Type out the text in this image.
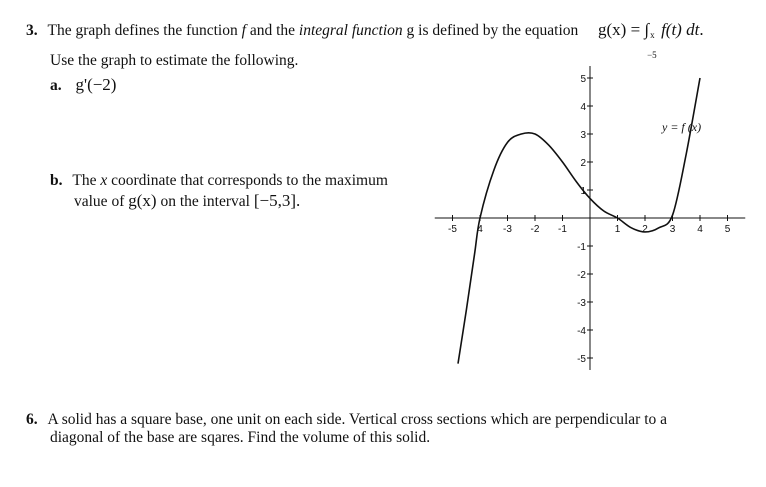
3. The graph defines the function f and the integral function g is defined by the equation g(x) = ∫ x
−5
f(t) dt.
Use the graph to estimate the following.
a. g'(−2)
b. The x coordinate that corresponds to the maximum
value of g(x) on the interval [−5,3].
-5 4 -3 -2 -1	1 2 3 4 5
-5
-4
-3
-2
-1
1
2
3
4
5
y = f (x)
6. A solid has a square base, one unit on each side. Vertical cross sections which are perpendicular to a
diagonal of the base are sqares. Find the volume of this solid.
